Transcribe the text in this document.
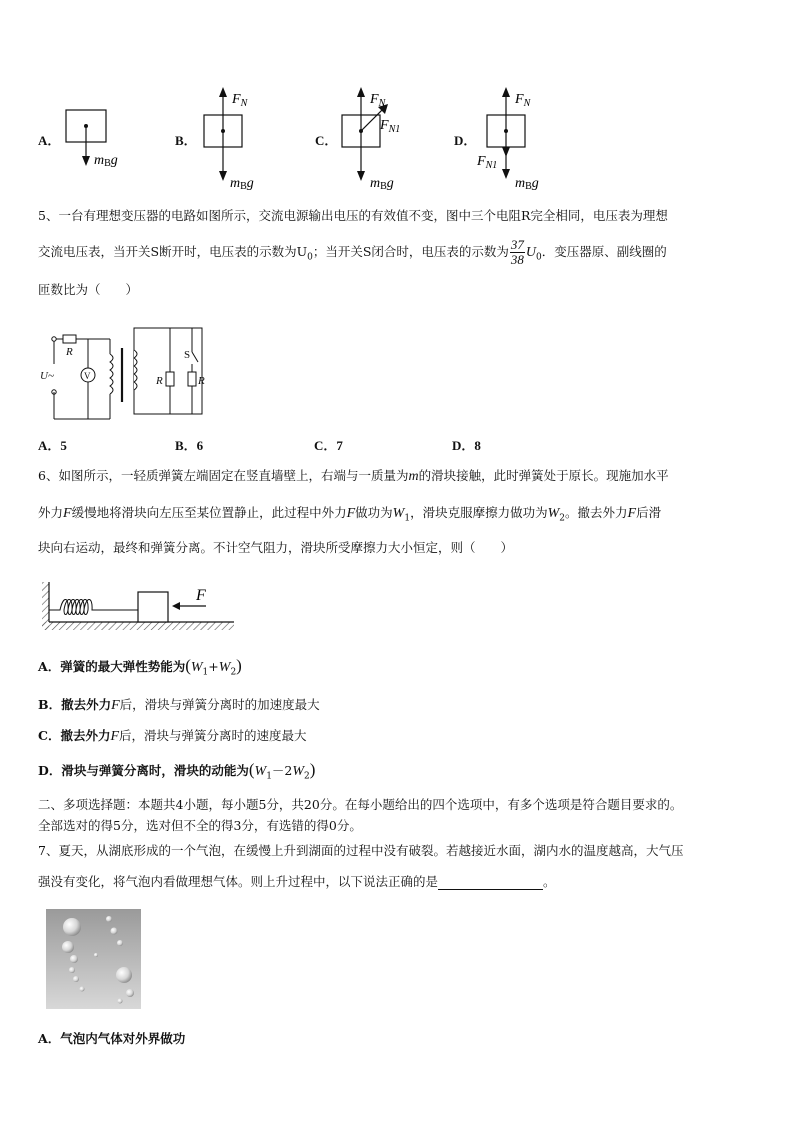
A．
mBg
B．
$F_N$
mBg
C．
$F_N$
$F_{N1}$
mBg
D．
$F_N$
$F_{N1}$
mBg
5、一台有理想变压器的电路如图所示，交流电源输出电压的有效值不变，图中三个电阻R完全相同，电压表为理想
交流电压表，当开关S断开时，电压表的示数为$U_0$；当开关S闭合时，电压表的示数为 $\frac{37}{38} U_0$．变压器原、副线圈的
匝数比为（　　）
R
U~	V	R
S
R
A．5	B．6	C．7	D．8
6、如图所示，一轻质弹簧左端固定在竖直墙壁上，右端与一质量为m的滑块接触，此时弹簧处于原长。现施加水平
外力F缓慢地将滑块向左压至某位置静止，此过程中外力F做功为$W_1$，滑块克服摩擦力做功为$W_2$。撤去外力F后滑
块向右运动，最终和弹簧分离。不计空气阻力，滑块所受摩擦力大小恒定，则（　　）
F
A．弹簧的最大弹性势能为$(W_1+W_2)$
B．撤去外力F后，滑块与弹簧分离时的加速度最大
C．撤去外力F后，滑块与弹簧分离时的速度最大
D．滑块与弹簧分离时，滑块的动能为$(W_1-2W_2)$
二、多项选择题：本题共4小题，每小题5分，共20分。在每小题给出的四个选项中，有多个选项是符合题目要求的。
全部选对的得5分，选对但不全的得3分，有选错的得0分。
7、夏天，从湖底形成的一个气泡，在缓慢上升到湖面的过程中没有破裂。若越接近水面，湖内水的温度越高，大气压
强没有变化，将气泡内看做理想气体。则上升过程中，以下说法正确的是	。
A．气泡内气体对外界做功
